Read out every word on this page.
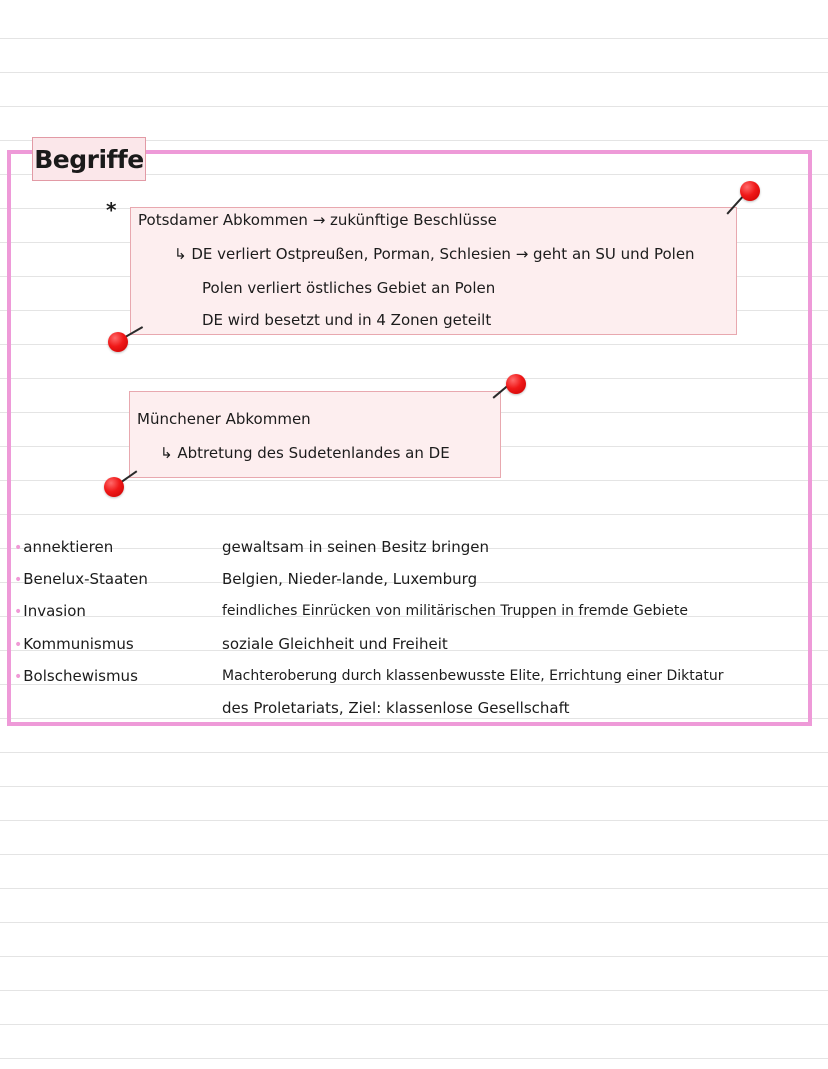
Begriffe
* Potsdamer Abkommen → zukünftige Beschlüsse
↳ DE verliert Ostpreußen, Porman, Schlesien → geht an SU und Polen
Polen verliert östliches Gebiet an Polen
DE wird besetzt und in 4 Zonen geteilt
Münchener Abkommen
↳ Abtretung des Sudetenlandes an DE
•annektieren
•Benelux-Staaten
•Invasion
•Kommunismus
•Bolschewismus
gewaltsam in seinen Besitz bringen
Belgien, Nieder-lande, Luxemburg
feindliches Einrücken von militärischen Truppen in fremde Gebiete
soziale Gleichheit und Freiheit
Machteroberung durch klassenbewusste Elite, Errichtung einer Diktatur
des Proletariats, Ziel: klassenlose Gesellschaft
